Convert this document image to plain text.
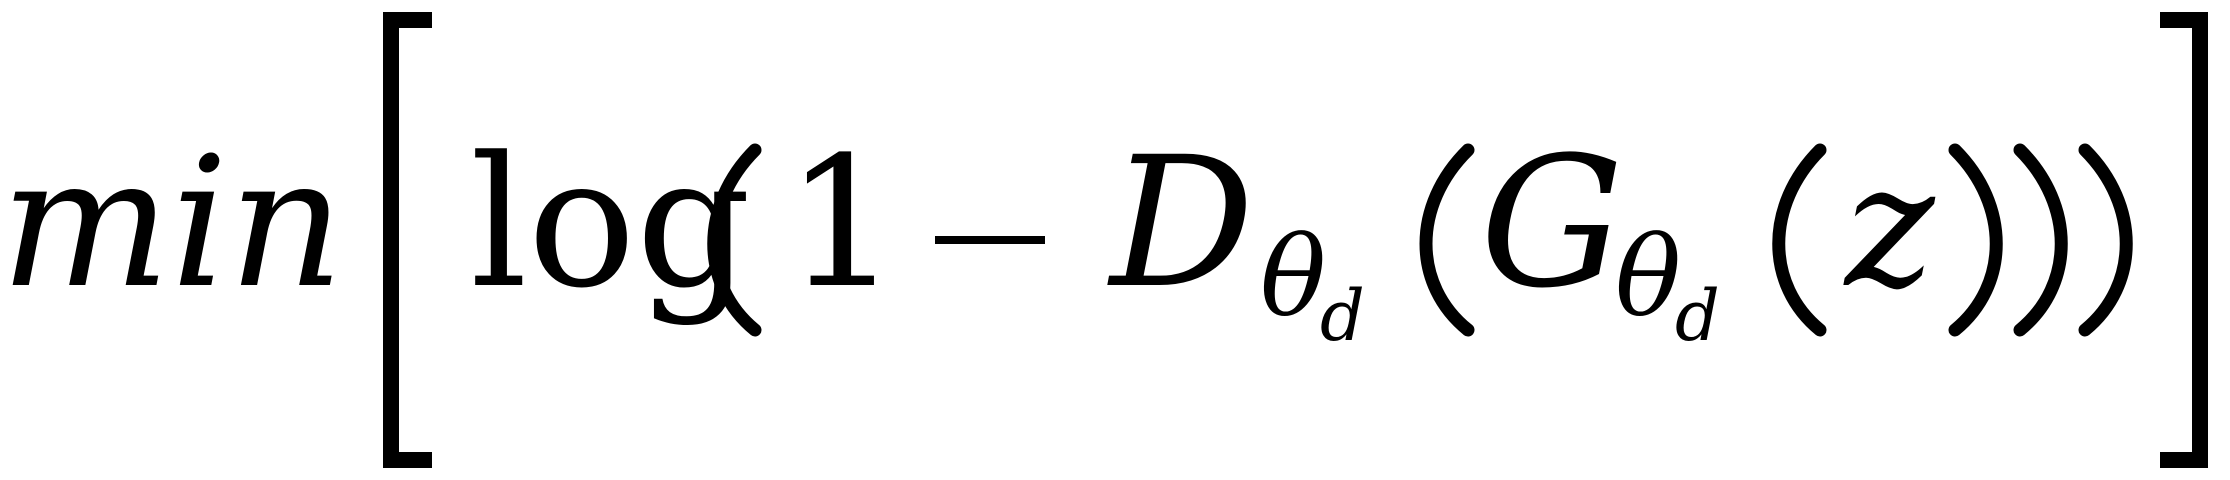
min log 1 D θ
d G
θ
d z
